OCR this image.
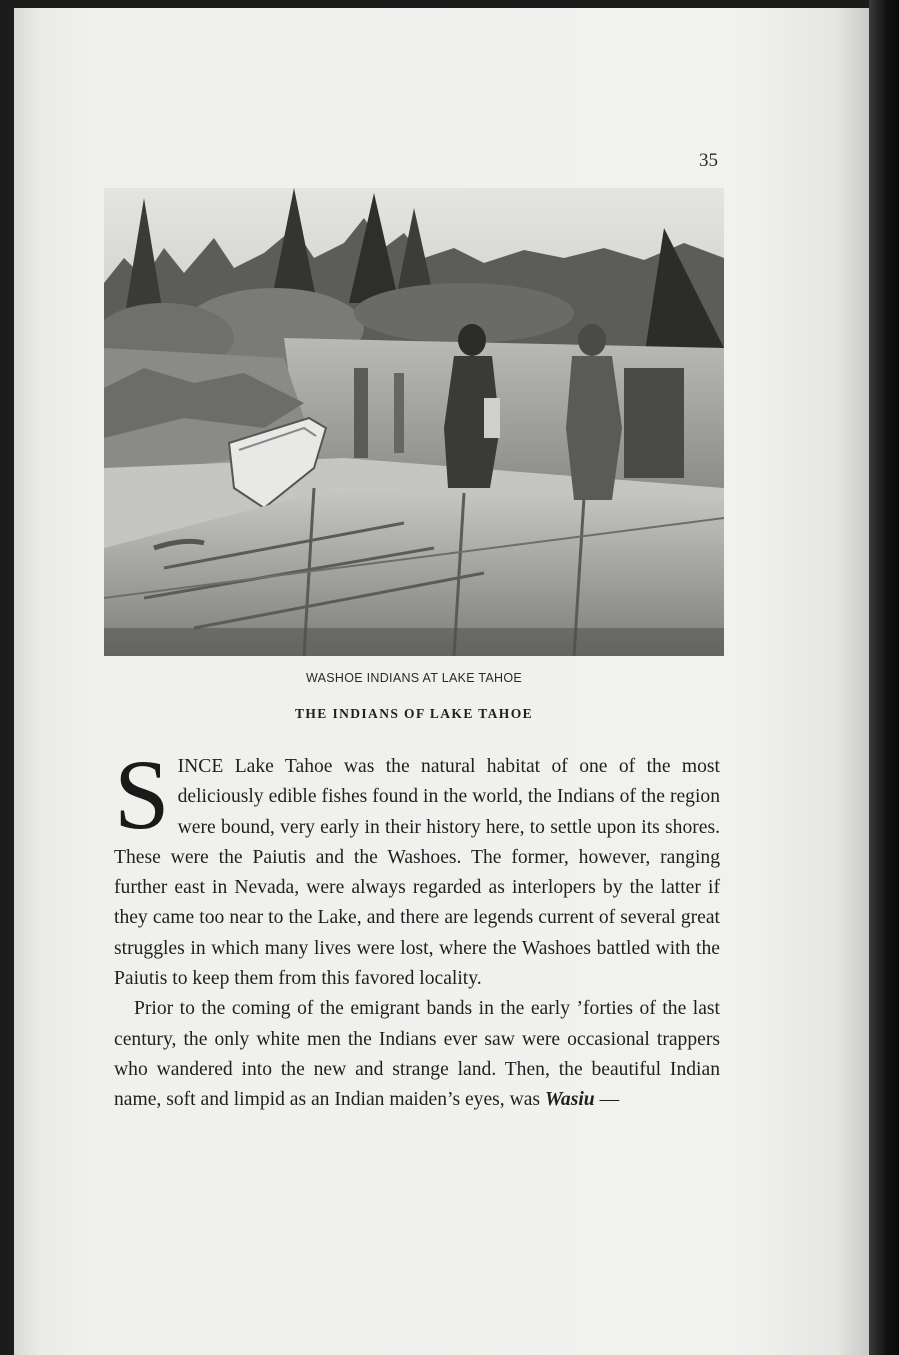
35
WASHOE INDIANS AT LAKE TAHOE
THE INDIANS OF LAKE TAHOE

SINCE Lake Tahoe was the natural habitat of one of the most deliciously edible fishes found in the world, the Indians of the region were bound, very early in their history here, to settle upon its shores. These were the Paiutis and the Washoes. The former, however, ranging further east in Nevada, were always regarded as interlopers by the latter if they came too near to the Lake, and there are legends current of several great struggles in which many lives were lost, where the Washoes battled with the Paiutis to keep them from this favored locality.

Prior to the coming of the emigrant bands in the early ’forties of the last century, the only white men the Indians ever saw were occasional trappers who wandered into the new and strange land. Then, the beautiful Indian name, soft and limpid as an Indian maiden’s eyes, was Wasiu —
